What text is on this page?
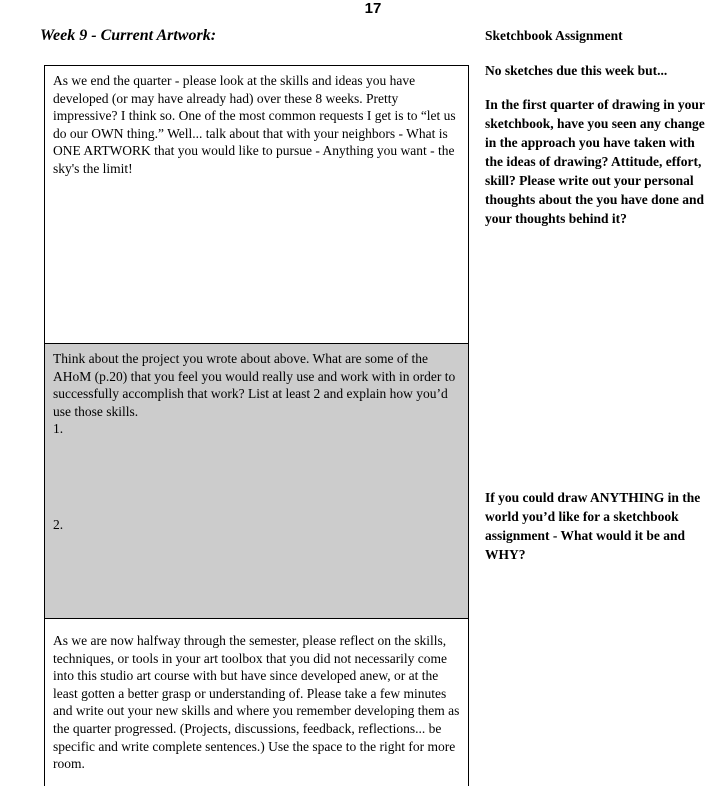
17
Week 9 - Current Artwork:	Sketchbook Assignment

As we end the quarter - please look at the skills and ideas you have developed (or may have already had) over these 8 weeks. Pretty impressive? I think so. One of the most common requests I get is to “let us do our OWN thing.” Well... talk about that with your neighbors - What is ONE ARTWORK that you would like to pursue - Anything you want - the sky's the limit!

Think about the project you wrote about above. What are some of the AHoM (p.20) that you feel you would really use and work with in order to successfully accomplish that work? List at least 2 and explain how you’d use those skills.

1.
2.

As we are now halfway through the semester, please reflect on the skills, techniques, or tools in your art toolbox that you did not necessarily come into this studio art course with but have since developed anew, or at the least gotten a better grasp or understanding of. Please take a few minutes and write out your new skills and where you remember developing them as the quarter progressed. (Projects, discussions, feedback, reflections... be specific and write complete sentences.) Use the space to the right for more room.

No sketches due this week but...

In the first quarter of drawing in your sketchbook, have you seen any change in the approach you have taken with the ideas of drawing? Attitude, effort, skill? Please write out your personal thoughts about the you have done and your thoughts behind it?

If you could draw ANYTHING in the world you’d like for a sketchbook assignment - What would it be and WHY?
